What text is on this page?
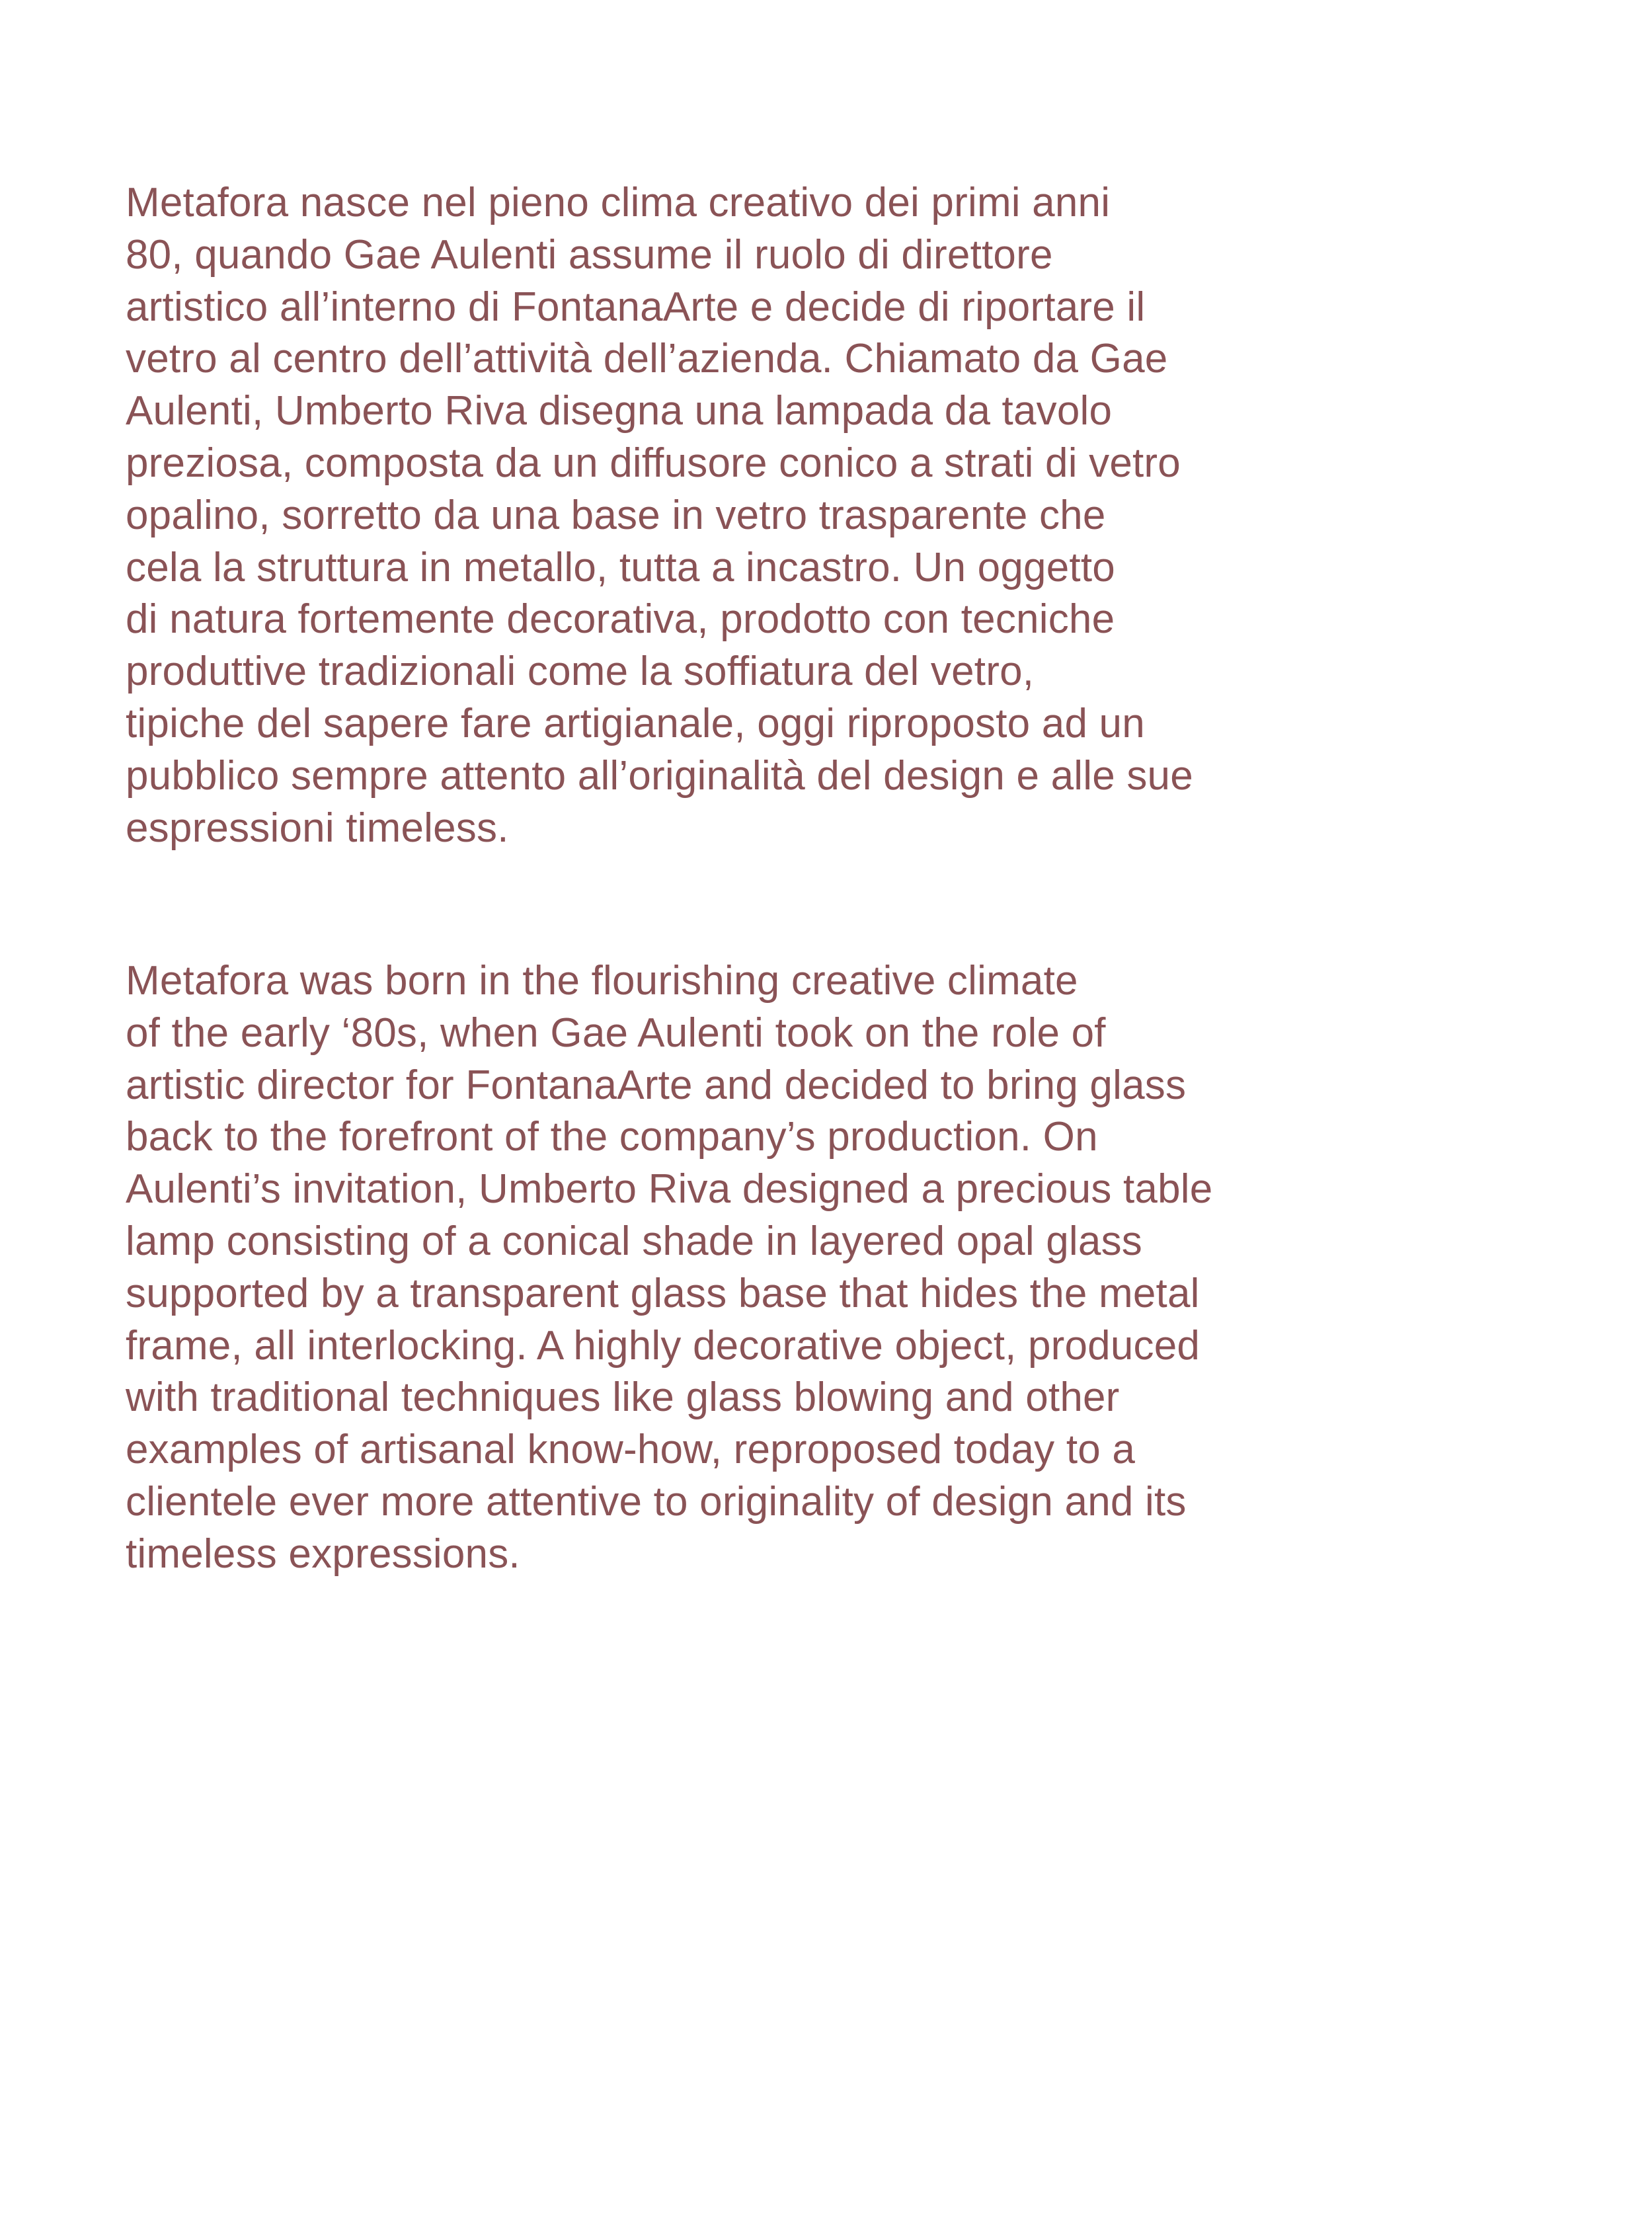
Metafora nasce nel pieno clima creativo dei primi anni
80, quando Gae Aulenti assume il ruolo di direttore
artistico all’interno di FontanaArte e decide di riportare il
vetro al centro dell’attività dell’azienda. Chiamato da Gae
Aulenti, Umberto Riva disegna una lampada da tavolo
preziosa, composta da un diffusore conico a strati di vetro
opalino, sorretto da una base in vetro trasparente che
cela la struttura in metallo, tutta a incastro. Un oggetto
di natura fortemente decorativa, prodotto con tecniche
produttive tradizionali come la soffiatura del vetro,
tipiche del sapere fare artigianale, oggi riproposto ad un
pubblico sempre attento all’originalità del design e alle sue
espressioni timeless.

Metafora was born in the flourishing creative climate
of the early ‘80s, when Gae Aulenti took on the role of
artistic director for FontanaArte and decided to bring glass
back to the forefront of the company’s production. On
Aulenti’s invitation, Umberto Riva designed a precious table
lamp consisting of a conical shade in layered opal glass
supported by a transparent glass base that hides the metal
frame, all interlocking. A highly decorative object, produced
with traditional techniques like glass blowing and other
examples of artisanal know-how, reproposed today to a
clientele ever more attentive to originality of design and its
timeless expressions.
